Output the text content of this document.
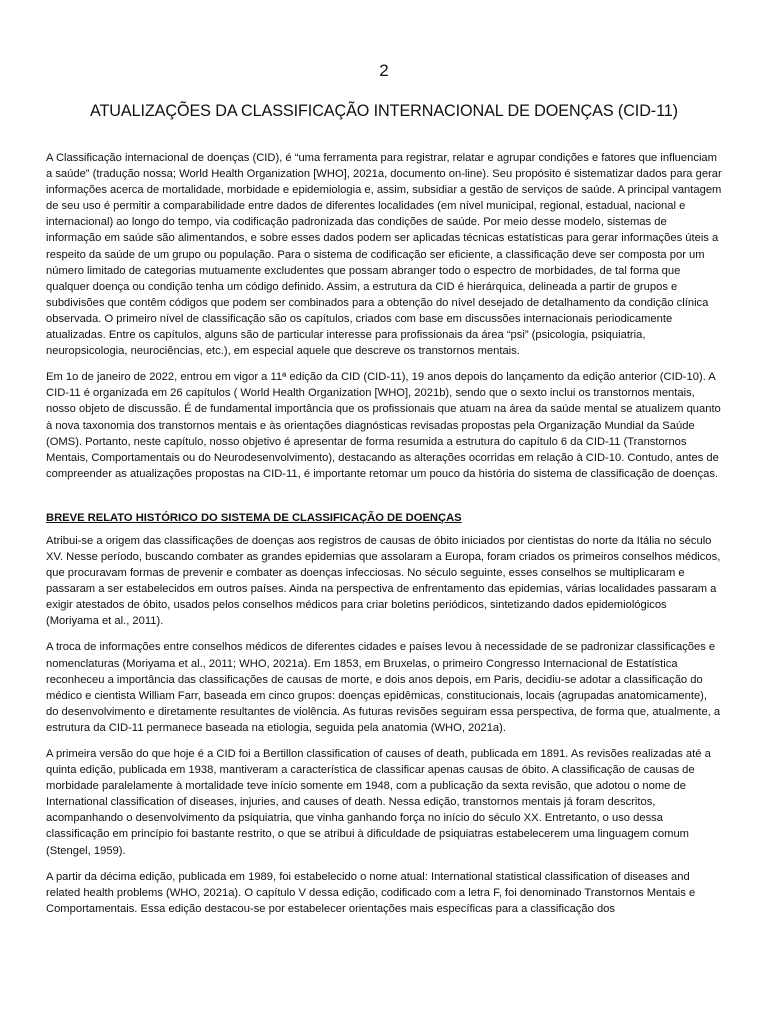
2
ATUALIZAÇÕES DA CLASSIFICAÇÃO INTERNACIONAL DE DOENÇAS (CID-11)

A Classificação internacional de doenças (CID), é “uma ferramenta para registrar, relatar e agrupar condições e fatores que influenciam a saúde” (tradução nossa; World Health Organization [WHO], 2021a, documento on-line). Seu propósito é sistematizar dados para gerar informações acerca de mortalidade, morbidade e epidemiologia e, assim, subsidiar a gestão de serviços de saúde. A principal vantagem de seu uso é permitir a comparabilidade entre dados de diferentes localidades (em nível municipal, regional, estadual, nacional e internacional) ao longo do tempo, via codificação padronizada das condições de saúde. Por meio desse modelo, sistemas de informação em saúde são alimentandos, e sobre esses dados podem ser aplicadas técnicas estatísticas para gerar informações úteis a respeito da saúde de um grupo ou população. Para o sistema de codificação ser eficiente, a classificação deve ser composta por um número limitado de categorias mutuamente excludentes que possam abranger todo o espectro de morbidades, de tal forma que qualquer doença ou condição tenha um código definido. Assim, a estrutura da CID é hierárquica, delineada a partir de grupos e subdivisões que contêm códigos que podem ser combinados para a obtenção do nível desejado de detalhamento da condição clínica observada. O primeiro nível de classificação são os capítulos, criados com base em discussões internacionais periodicamente atualizadas. Entre os capítulos, alguns são de particular interesse para profissionais da área “psi” (psicologia, psiquiatria, neuropsicologia, neurociências, etc.), em especial aquele que descreve os transtornos mentais.

Em 1o de janeiro de 2022, entrou em vigor a 11ª edição da CID (CID-11), 19 anos depois do lançamento da edição anterior (CID-10). A CID-11 é organizada em 26 capítulos ( World Health Organization [WHO], 2021b), sendo que o sexto inclui os transtornos mentais, nosso objeto de discussão. É de fundamental importância que os profissionais que atuam na área da saúde mental se atualizem quanto à nova taxonomia dos transtornos mentais e às orientações diagnósticas revisadas propostas pela Organização Mundial da Saúde (OMS). Portanto, neste capítulo, nosso objetivo é apresentar de forma resumida a estrutura do capítulo 6 da CID-11 (Transtornos Mentais, Comportamentais ou do Neurodesenvolvimento), destacando as alterações ocorridas em relação à CID-10. Contudo, antes de compreender as atualizações propostas na CID-11, é importante retomar um pouco da história do sistema de classificação de doenças.

BREVE RELATO HISTÓRICO DO SISTEMA DE CLASSIFICAÇÃO DE DOENÇAS

Atribui-se a origem das classificações de doenças aos registros de causas de óbito iniciados por cientistas do norte da Itália no século XV. Nesse período, buscando combater as grandes epidemias que assolaram a Europa, foram criados os primeiros conselhos médicos, que procuravam formas de prevenir e combater as doenças infecciosas. No século seguinte, esses conselhos se multiplicaram e passaram a ser estabelecidos em outros países. Ainda na perspectiva de enfrentamento das epidemias, várias localidades passaram a exigir atestados de óbito, usados pelos conselhos médicos para criar boletins periódicos, sintetizando dados epidemiológicos (Moriyama et al., 2011).

A troca de informações entre conselhos médicos de diferentes cidades e países levou à necessidade de se padronizar classificações e nomenclaturas (Moriyama et al., 2011; WHO, 2021a). Em 1853, em Bruxelas, o primeiro Congresso Internacional de Estatística reconheceu a importância das classificações de causas de morte, e dois anos depois, em Paris, decidiu-se adotar a classificação do médico e cientista William Farr, baseada em cinco grupos: doenças epidêmicas, constitucionais, locais (agrupadas anatomicamente), do desenvolvimento e diretamente resultantes de violência. As futuras revisões seguiram essa perspectiva, de forma que, atualmente, a estrutura da CID-11 permanece baseada na etiologia, seguida pela anatomia (WHO, 2021a).

A primeira versão do que hoje é a CID foi a Bertillon classification of causes of death, publicada em 1891. As revisões realizadas até a quinta edição, publicada em 1938, mantiveram a característica de classificar apenas causas de óbito. A classificação de causas de morbidade paralelamente à mortalidade teve início somente em 1948, com a publicação da sexta revisão, que adotou o nome de International classification of diseases, injuries, and causes of death. Nessa edição, transtornos mentais já foram descritos, acompanhando o desenvolvimento da psiquiatria, que vinha ganhando força no início do século XX. Entretanto, o uso dessa classificação em princípio foi bastante restrito, o que se atribui à dificuldade de psiquiatras estabelecerem uma linguagem comum (Stengel, 1959).

A partir da décima edição, publicada em 1989, foi estabelecido o nome atual: International statistical classification of diseases and related health problems (WHO, 2021a). O capítulo V dessa edição, codificado com a letra F, foi denominado Transtornos Mentais e Comportamentais. Essa edição destacou-se por estabelecer orientações mais específicas para a classificação dos
